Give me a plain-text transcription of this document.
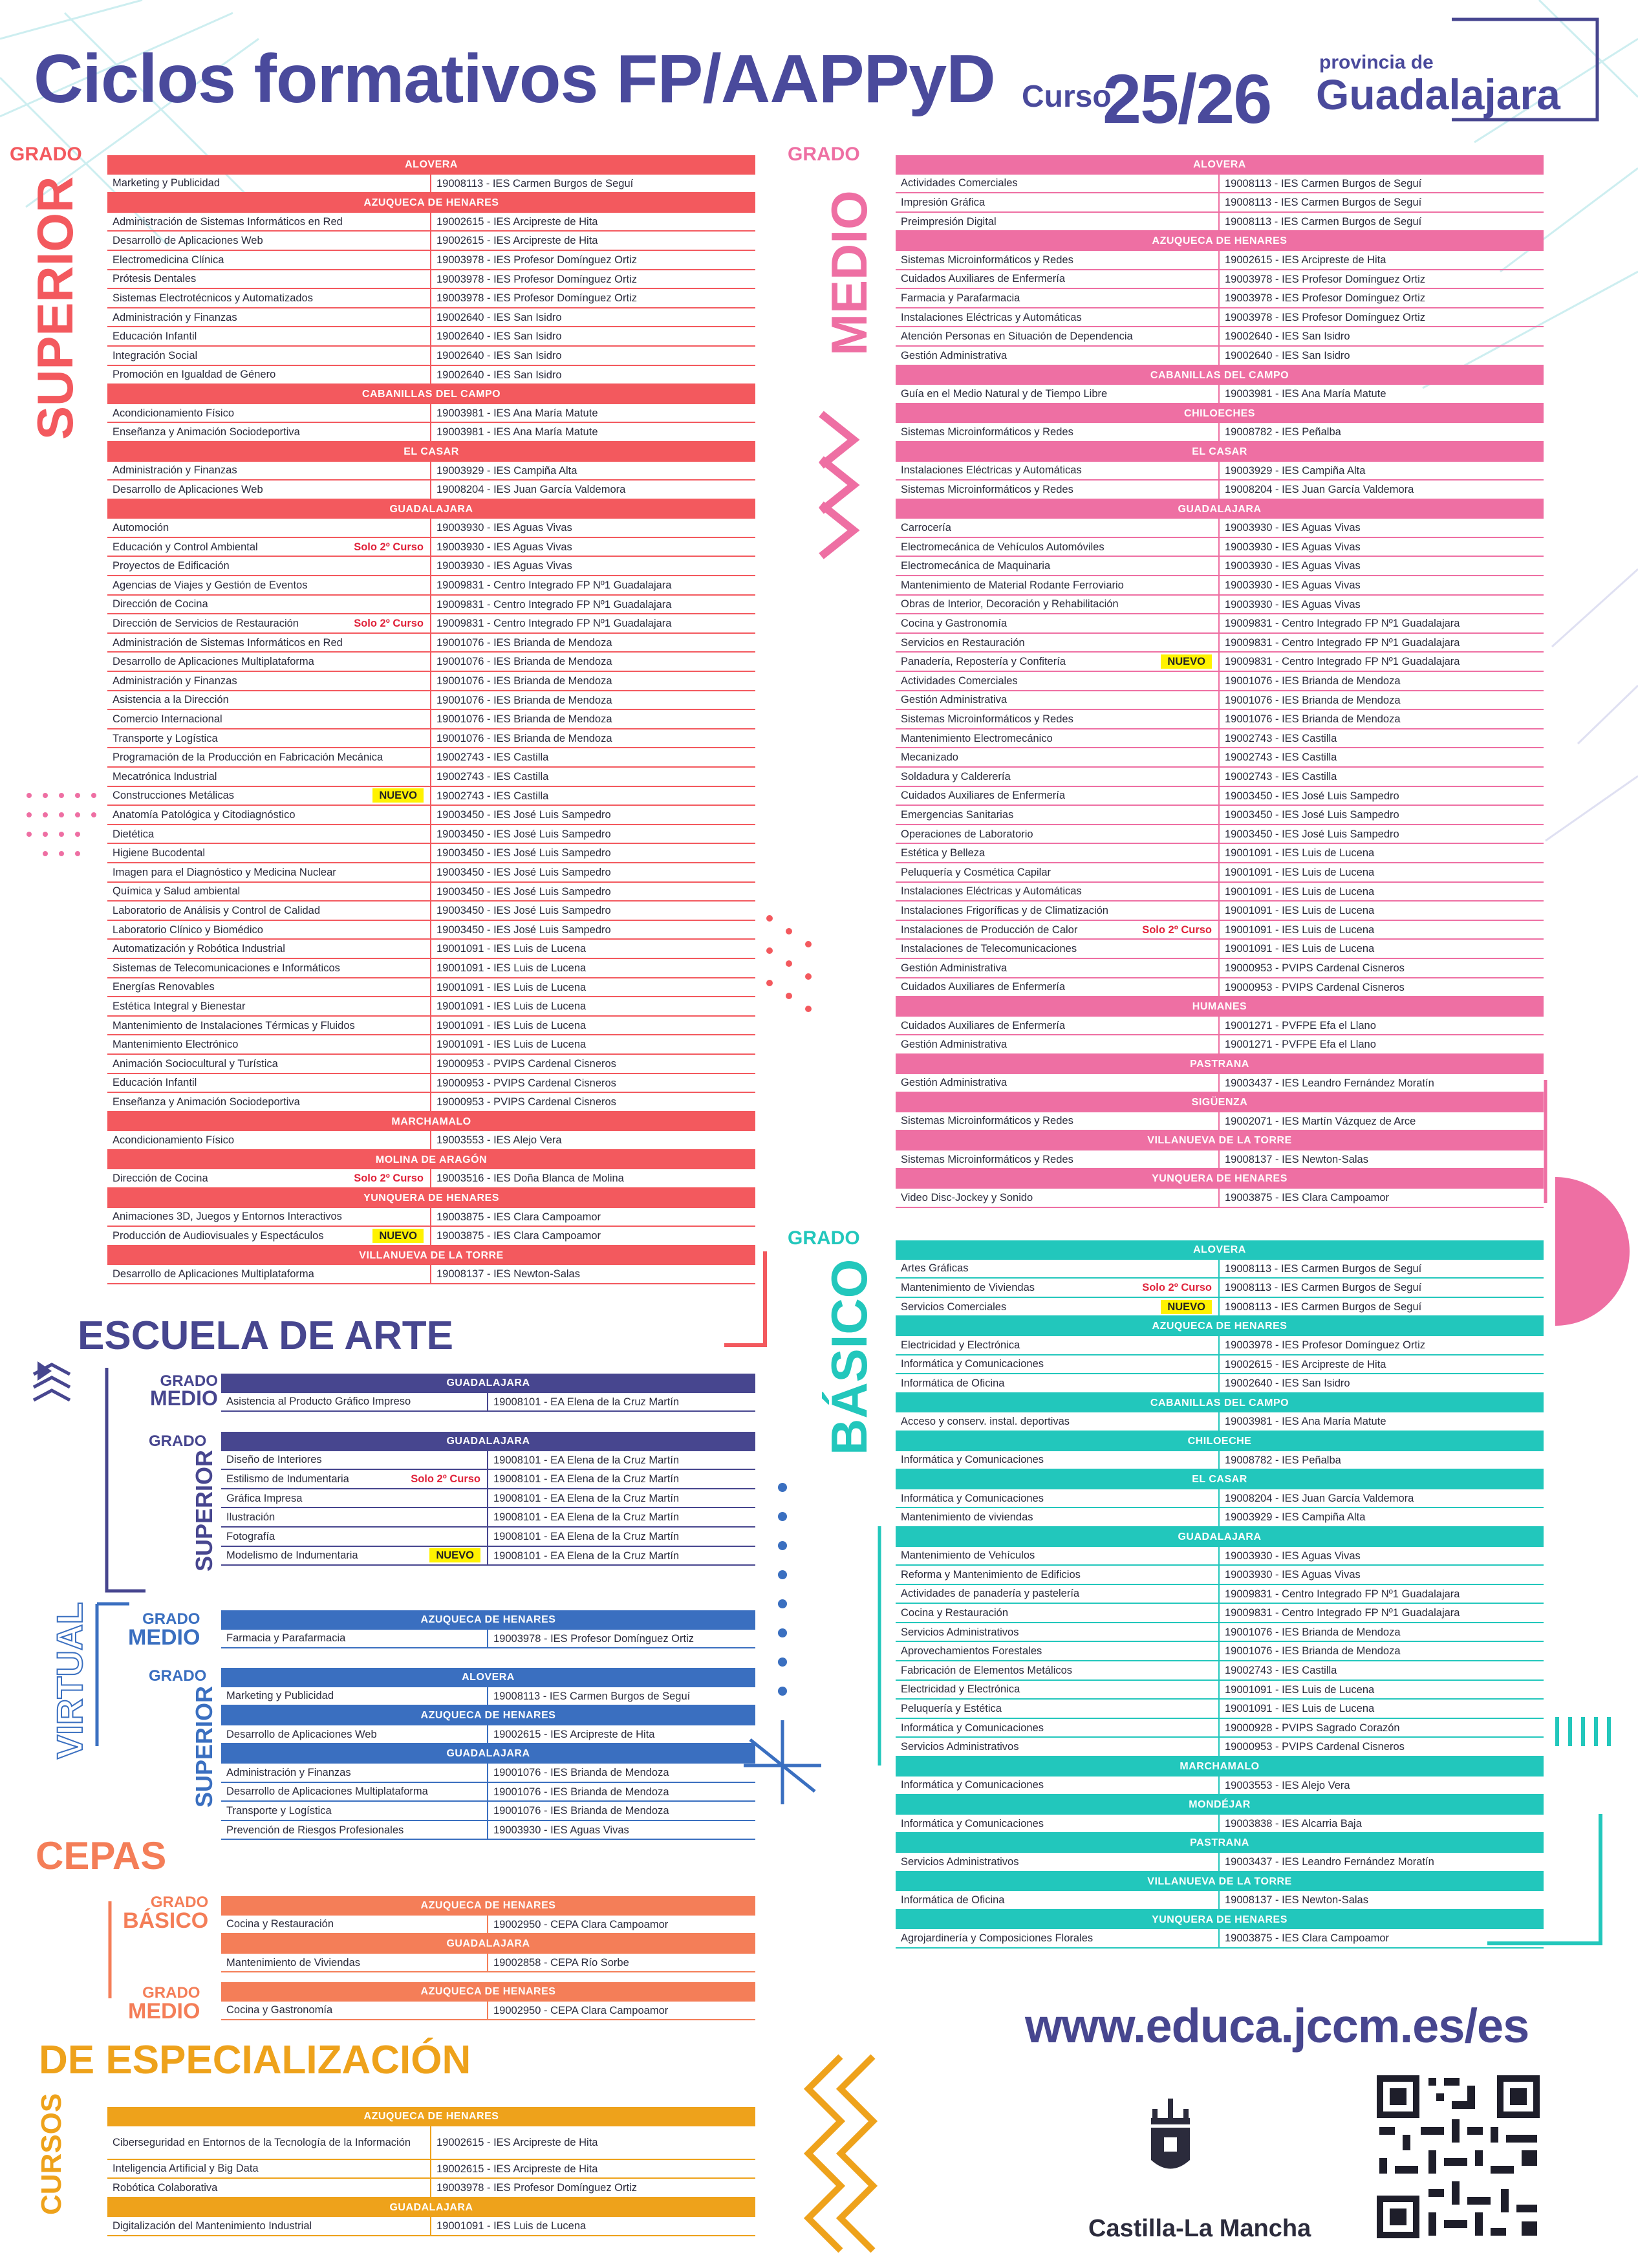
Ciclos formativos FP/AAPPyD Curso
25/26 provincia de
Guadalajara
GRADO
SUPERIOR
GRADO
MEDIO
GRADO
BÁSICO
ESCUELA DE ARTE
GRADO
MEDIO
GRADO
SUPERIOR
VIRTUAL	GRADO
MEDIO
GRADO
SUPERIOR
CEPAS
GRADO
BÁSICO
GRADO
MEDIO
DE ESPECIALIZACIÓN
CURSOS
ALOVERA
Marketing y Publicidad	19008113 - IES Carmen Burgos de Seguí
AZUQUECA DE HENARES
Administración de Sistemas Informáticos en Red	19002615 - IES Arcipreste de Hita
Desarrollo de Aplicaciones Web	19002615 - IES Arcipreste de Hita
Electromedicina Clínica	19003978 - IES Profesor Domínguez Ortiz
Prótesis Dentales	19003978 - IES Profesor Domínguez Ortiz
Sistemas Electrotécnicos y Automatizados	19003978 - IES Profesor Domínguez Ortiz
Administración y Finanzas	19002640 - IES San Isidro
Educación Infantil	19002640 - IES San Isidro
Integración Social	19002640 - IES San Isidro
Promoción en Igualdad de Género	19002640 - IES San Isidro
CABANILLAS DEL CAMPO
Acondicionamiento Físico	19003981 - IES Ana María Matute
Enseñanza y Animación Sociodeportiva	19003981 - IES Ana María Matute
EL CASAR
Administración y Finanzas	19003929 - IES Campiña Alta
Desarrollo de Aplicaciones Web	19008204 - IES Juan García Valdemora
GUADALAJARA
Automoción	19003930 - IES Aguas Vivas
Educación y Control Ambiental	Solo 2º Curso	19003930 - IES Aguas Vivas
Proyectos de Edificación	19003930 - IES Aguas Vivas
Agencias de Viajes y Gestión de Eventos	19009831 - Centro Integrado FP Nº1 Guadalajara
Dirección de Cocina	19009831 - Centro Integrado FP Nº1 Guadalajara
Dirección de Servicios de Restauración	Solo 2º Curso	19009831 - Centro Integrado FP Nº1 Guadalajara
Administración de Sistemas Informáticos en Red	19001076 - IES Brianda de Mendoza
Desarrollo de Aplicaciones Multiplataforma	19001076 - IES Brianda de Mendoza
Administración y Finanzas	19001076 - IES Brianda de Mendoza
Asistencia a la Dirección	19001076 - IES Brianda de Mendoza
Comercio Internacional	19001076 - IES Brianda de Mendoza
Transporte y Logística	19001076 - IES Brianda de Mendoza
Programación de la Producción en Fabricación Mecánica	19002743 - IES Castilla
Mecatrónica Industrial	19002743 - IES Castilla
Construcciones Metálicas	NUEVO	19002743 - IES Castilla
Anatomía Patológica y Citodiagnóstico	19003450 - IES José Luis Sampedro
Dietética	19003450 - IES José Luis Sampedro
Higiene Bucodental	19003450 - IES José Luis Sampedro
Imagen para el Diagnóstico y Medicina Nuclear	19003450 - IES José Luis Sampedro
Química y Salud ambiental	19003450 - IES José Luis Sampedro
Laboratorio de Análisis y Control de Calidad	19003450 - IES José Luis Sampedro
Laboratorio Clínico y Biomédico	19003450 - IES José Luis Sampedro
Automatización y Robótica Industrial	19001091 - IES Luis de Lucena
Sistemas de Telecomunicaciones e Informáticos	19001091 - IES Luis de Lucena
Energías Renovables	19001091 - IES Luis de Lucena
Estética Integral y Bienestar	19001091 - IES Luis de Lucena
Mantenimiento de Instalaciones Térmicas y Fluidos	19001091 - IES Luis de Lucena
Mantenimiento Electrónico	19001091 - IES Luis de Lucena
Animación Sociocultural y Turística	19000953 - PVIPS Cardenal Cisneros
Educación Infantil	19000953 - PVIPS Cardenal Cisneros
Enseñanza y Animación Sociodeportiva	19000953 - PVIPS Cardenal Cisneros
MARCHAMALO
Acondicionamiento Físico	19003553 - IES Alejo Vera
MOLINA DE ARAGÓN
Dirección de Cocina	Solo 2º Curso	19003516 - IES Doña Blanca de Molina
YUNQUERA DE HENARES
Animaciones 3D, Juegos y Entornos Interactivos	19003875 - IES Clara Campoamor
Producción de Audiovisuales y Espectáculos	NUEVO	19003875 - IES Clara Campoamor
VILLANUEVA DE LA TORRE
Desarrollo de Aplicaciones Multiplataforma	19008137 - IES Newton-Salas
ALOVERA
Actividades Comerciales	19008113 - IES Carmen Burgos de Seguí
Impresión Gráfica	19008113 - IES Carmen Burgos de Seguí
Preimpresión Digital	19008113 - IES Carmen Burgos de Seguí
AZUQUECA DE HENARES
Sistemas Microinformáticos y Redes	19002615 - IES Arcipreste de Hita
Cuidados Auxiliares de Enfermería	19003978 - IES Profesor Domínguez Ortiz
Farmacia y Parafarmacia	19003978 - IES Profesor Domínguez Ortiz
Instalaciones Eléctricas y Automáticas	19003978 - IES Profesor Domínguez Ortiz
Atención Personas en Situación de Dependencia	19002640 - IES San Isidro
Gestión Administrativa	19002640 - IES San Isidro
CABANILLAS DEL CAMPO
Guía en el Medio Natural y de Tiempo Libre	19003981 - IES Ana María Matute
CHILOECHES
Sistemas Microinformáticos y Redes	19008782 - IES Peñalba
EL CASAR
Instalaciones Eléctricas y Automáticas	19003929 - IES Campiña Alta
Sistemas Microinformáticos y Redes	19008204 - IES Juan García Valdemora
GUADALAJARA
Carrocería	19003930 - IES Aguas Vivas
Electromecánica de Vehículos Automóviles	19003930 - IES Aguas Vivas
Electromecánica de Maquinaria	19003930 - IES Aguas Vivas
Mantenimiento de Material Rodante Ferroviario	19003930 - IES Aguas Vivas
Obras de Interior, Decoración y Rehabilitación	19003930 - IES Aguas Vivas
Cocina y Gastronomía	19009831 - Centro Integrado FP Nº1 Guadalajara
Servicios en Restauración	19009831 - Centro Integrado FP Nº1 Guadalajara
Panadería, Repostería y Confitería	NUEVO	19009831 - Centro Integrado FP Nº1 Guadalajara
Actividades Comerciales	19001076 - IES Brianda de Mendoza
Gestión Administrativa	19001076 - IES Brianda de Mendoza
Sistemas Microinformáticos y Redes	19001076 - IES Brianda de Mendoza
Mantenimiento Electromecánico	19002743 - IES Castilla
Mecanizado	19002743 - IES Castilla
Soldadura y Calderería	19002743 - IES Castilla
Cuidados Auxiliares de Enfermería	19003450 - IES José Luis Sampedro
Emergencias Sanitarias	19003450 - IES José Luis Sampedro
Operaciones de Laboratorio	19003450 - IES José Luis Sampedro
Estética y Belleza	19001091 - IES Luis de Lucena
Peluquería y Cosmética Capilar	19001091 - IES Luis de Lucena
Instalaciones Eléctricas y Automáticas	19001091 - IES Luis de Lucena
Instalaciones Frigoríficas y de Climatización	19001091 - IES Luis de Lucena
Instalaciones de Producción de Calor	Solo 2º Curso	19001091 - IES Luis de Lucena
Instalaciones de Telecomunicaciones	19001091 - IES Luis de Lucena
Gestión Administrativa	19000953 - PVIPS Cardenal Cisneros
Cuidados Auxiliares de Enfermería	19000953 - PVIPS Cardenal Cisneros
HUMANES
Cuidados Auxiliares de Enfermería	19001271 - PVFPE Efa el Llano
Gestión Administrativa	19001271 - PVFPE Efa el Llano
PASTRANA
Gestión Administrativa	19003437 - IES Leandro Fernández Moratín
SIGÜENZA
Sistemas Microinformáticos y Redes	19002071 - IES Martín Vázquez de Arce
VILLANUEVA DE LA TORRE
Sistemas Microinformáticos y Redes	19008137 - IES Newton-Salas
YUNQUERA DE HENARES
Video Disc-Jockey y Sonido	19003875 - IES Clara Campoamor
ALOVERA
Artes Gráficas	19008113 - IES Carmen Burgos de Seguí
Mantenimiento de Viviendas	Solo 2º Curso	19008113 - IES Carmen Burgos de Seguí
Servicios Comerciales	NUEVO	19008113 - IES Carmen Burgos de Seguí
AZUQUECA DE HENARES
Electricidad y Electrónica	19003978 - IES Profesor Domínguez Ortiz
Informática y Comunicaciones	19002615 - IES Arcipreste de Hita
Informática de Oficina	19002640 - IES San Isidro
CABANILLAS DEL CAMPO
Acceso y conserv. instal. deportivas	19003981 - IES Ana María Matute
CHILOECHE
Informática y Comunicaciones	19008782 - IES Peñalba
EL CASAR
Informática y Comunicaciones	19008204 - IES Juan García Valdemora
Mantenimiento de viviendas	19003929 - IES Campiña Alta
GUADALAJARA
Mantenimiento de Vehículos	19003930 - IES Aguas Vivas
Reforma y Mantenimiento de Edificios	19003930 - IES Aguas Vivas
Actividades de panadería y pastelería	19009831 - Centro Integrado FP Nº1 Guadalajara
Cocina y Restauración	19009831 - Centro Integrado FP Nº1 Guadalajara
Servicios Administrativos	19001076 - IES Brianda de Mendoza
Aprovechamientos Forestales	19001076 - IES Brianda de Mendoza
Fabricación de Elementos Metálicos	19002743 - IES Castilla
Electricidad y Electrónica	19001091 - IES Luis de Lucena
Peluquería y Estética	19001091 - IES Luis de Lucena
Informática y Comunicaciones	19000928 - PVIPS Sagrado Corazón
Servicios Administrativos	19000953 - PVIPS Cardenal Cisneros
MARCHAMALO
Informática y Comunicaciones	19003553 - IES Alejo Vera
MONDÉJAR
Informática y Comunicaciones	19003838 - IES Alcarria Baja
PASTRANA
Servicios Administrativos	19003437 - IES Leandro Fernández Moratín
VILLANUEVA DE LA TORRE
Informática de Oficina	19008137 - IES Newton-Salas
YUNQUERA DE HENARES
Agrojardinería y Composiciones Florales	19003875 - IES Clara Campoamor
GUADALAJARA
Asistencia al Producto Gráfico Impreso	19008101 - EA Elena de la Cruz Martín
GUADALAJARA
Diseño de Interiores	19008101 - EA Elena de la Cruz Martín
Estilismo de Indumentaria	Solo 2º Curso	19008101 - EA Elena de la Cruz Martín
Gráfica Impresa	19008101 - EA Elena de la Cruz Martín
Ilustración	19008101 - EA Elena de la Cruz Martín
Fotografía	19008101 - EA Elena de la Cruz Martín
Modelismo de Indumentaria	NUEVO	19008101 - EA Elena de la Cruz Martín
AZUQUECA DE HENARES
Farmacia y Parafarmacia	19003978 - IES Profesor Domínguez Ortiz
ALOVERA
Marketing y Publicidad	19008113 - IES Carmen Burgos de Seguí
AZUQUECA DE HENARES
Desarrollo de Aplicaciones Web	19002615 - IES Arcipreste de Hita
GUADALAJARA
Administración y Finanzas	19001076 - IES Brianda de Mendoza
Desarrollo de Aplicaciones Multiplataforma	19001076 - IES Brianda de Mendoza
Transporte y Logística	19001076 - IES Brianda de Mendoza
Prevención de Riesgos Profesionales	19003930 - IES Aguas Vivas
AZUQUECA DE HENARES
Cocina y Restauración	19002950 - CEPA Clara Campoamor
GUADALAJARA
Mantenimiento de Viviendas	19002858 - CEPA Río Sorbe
AZUQUECA DE HENARES
Cocina y Gastronomía	19002950 - CEPA Clara Campoamor
AZUQUECA DE HENARES
Ciberseguridad en Entornos de la Tecnología de la Información	19002615 - IES Arcipreste de Hita
Inteligencia Artificial y Big Data	19002615 - IES Arcipreste de Hita
Robótica Colaborativa	19003978 - IES Profesor Domínguez Ortiz
GUADALAJARA
Digitalización del Mantenimiento Industrial	19001091 - IES Luis de Lucena
www.educa.jccm.es/es
Castilla-La Mancha
